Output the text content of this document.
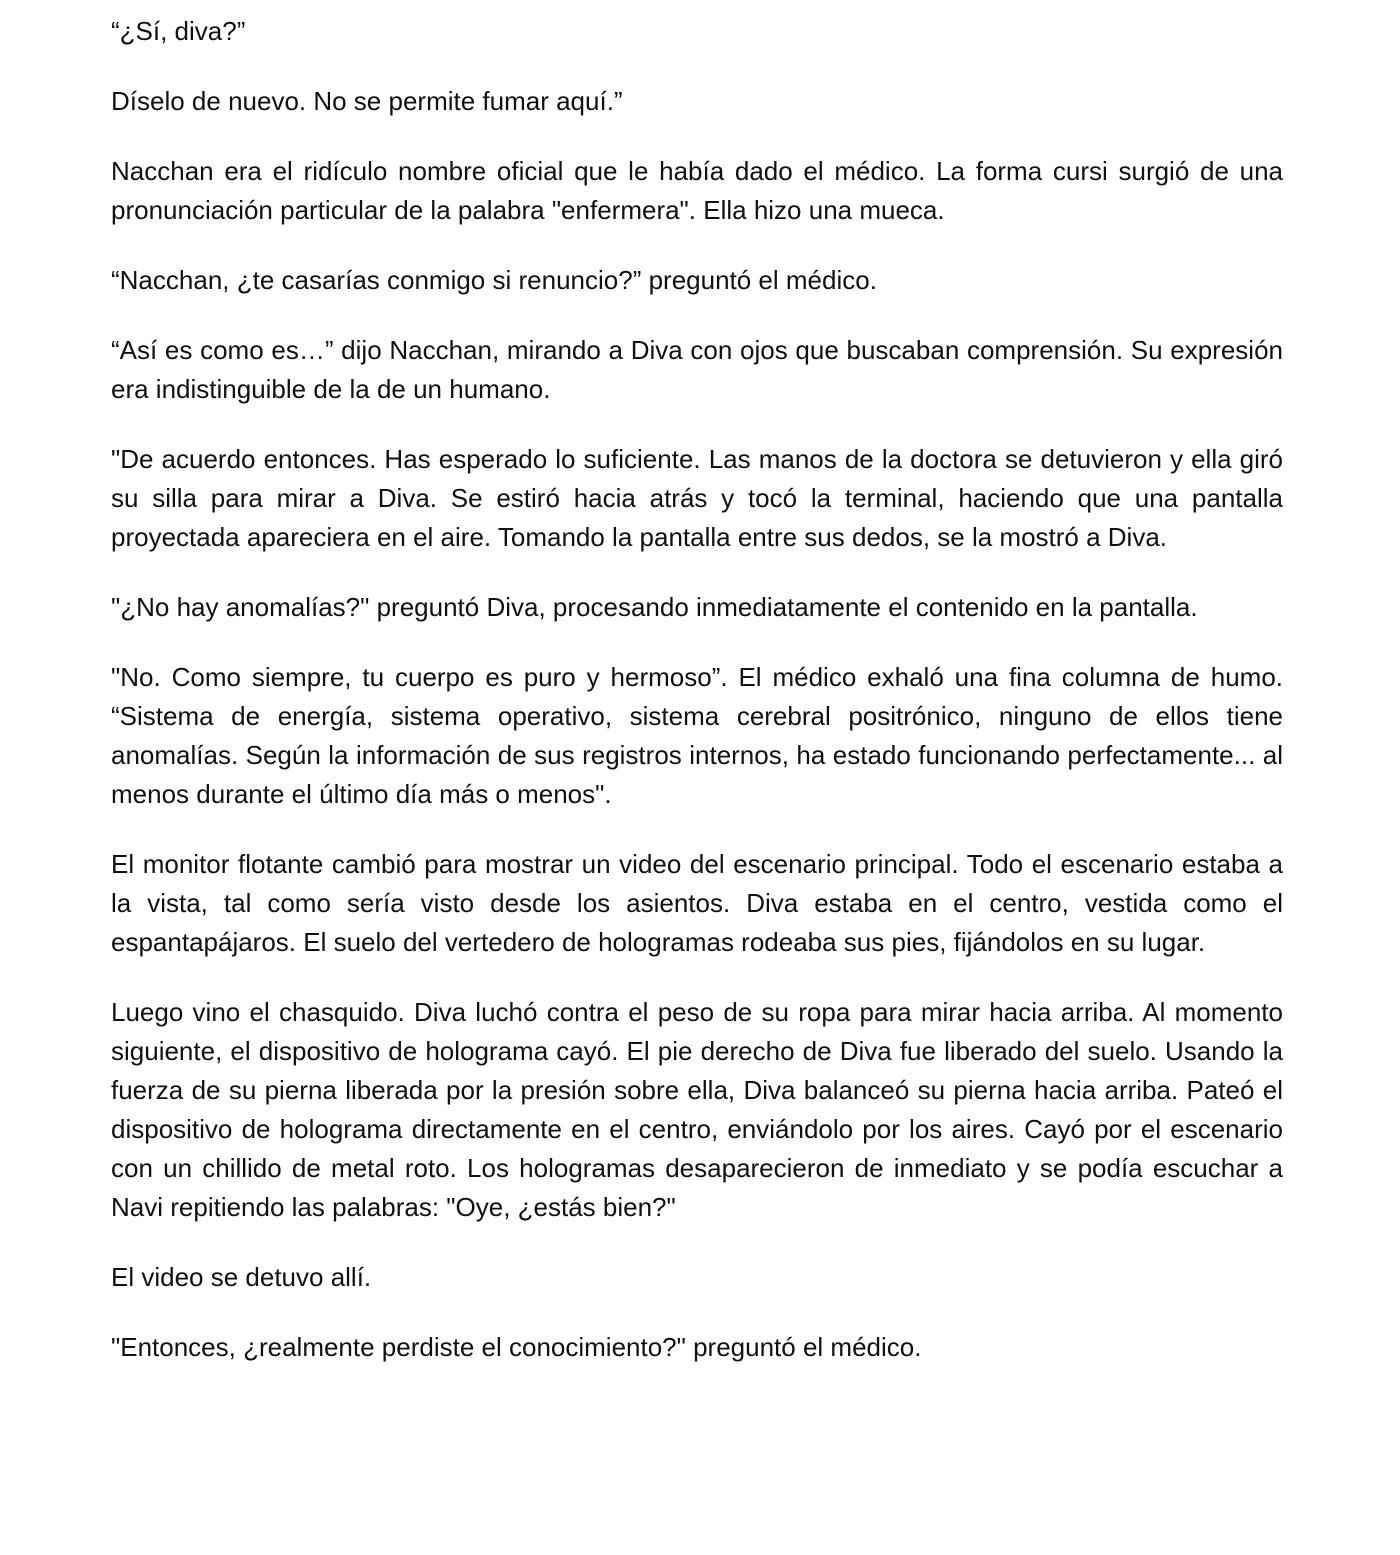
“¿Sí, diva?”

Díselo de nuevo. No se permite fumar aquí.”

Nacchan era el ridículo nombre oficial que le había dado el médico. La forma cursi surgió de una pronunciación particular de la palabra "enfermera". Ella hizo una mueca.

“Nacchan, ¿te casarías conmigo si renuncio?” preguntó el médico.

“Así es como es…” dijo Nacchan, mirando a Diva con ojos que buscaban comprensión. Su expresión era indistinguible de la de un humano.

"De acuerdo entonces. Has esperado lo suficiente. Las manos de la doctora se detuvieron y ella giró su silla para mirar a Diva. Se estiró hacia atrás y tocó la terminal, haciendo que una pantalla proyectada apareciera en el aire. Tomando la pantalla entre sus dedos, se la mostró a Diva.

"¿No hay anomalías?" preguntó Diva, procesando inmediatamente el contenido en la pantalla.

"No. Como siempre, tu cuerpo es puro y hermoso”. El médico exhaló una fina columna de humo. “Sistema de energía, sistema operativo, sistema cerebral positrónico, ninguno de ellos tiene anomalías. Según la información de sus registros internos, ha estado funcionando perfectamente... al menos durante el último día más o menos".

El monitor flotante cambió para mostrar un video del escenario principal. Todo el escenario estaba a la vista, tal como sería visto desde los asientos. Diva estaba en el centro, vestida como el espantapájaros. El suelo del vertedero de hologramas rodeaba sus pies, fijándolos en su lugar.

Luego vino el chasquido. Diva luchó contra el peso de su ropa para mirar hacia arriba. Al momento siguiente, el dispositivo de holograma cayó. El pie derecho de Diva fue liberado del suelo. Usando la fuerza de su pierna liberada por la presión sobre ella, Diva balanceó su pierna hacia arriba. Pateó el dispositivo de holograma directamente en el centro, enviándolo por los aires. Cayó por el escenario con un chillido de metal roto. Los hologramas desaparecieron de inmediato y se podía escuchar a Navi repitiendo las palabras: "Oye, ¿estás bien?"

El video se detuvo allí.

"Entonces, ¿realmente perdiste el conocimiento?" preguntó el médico.
